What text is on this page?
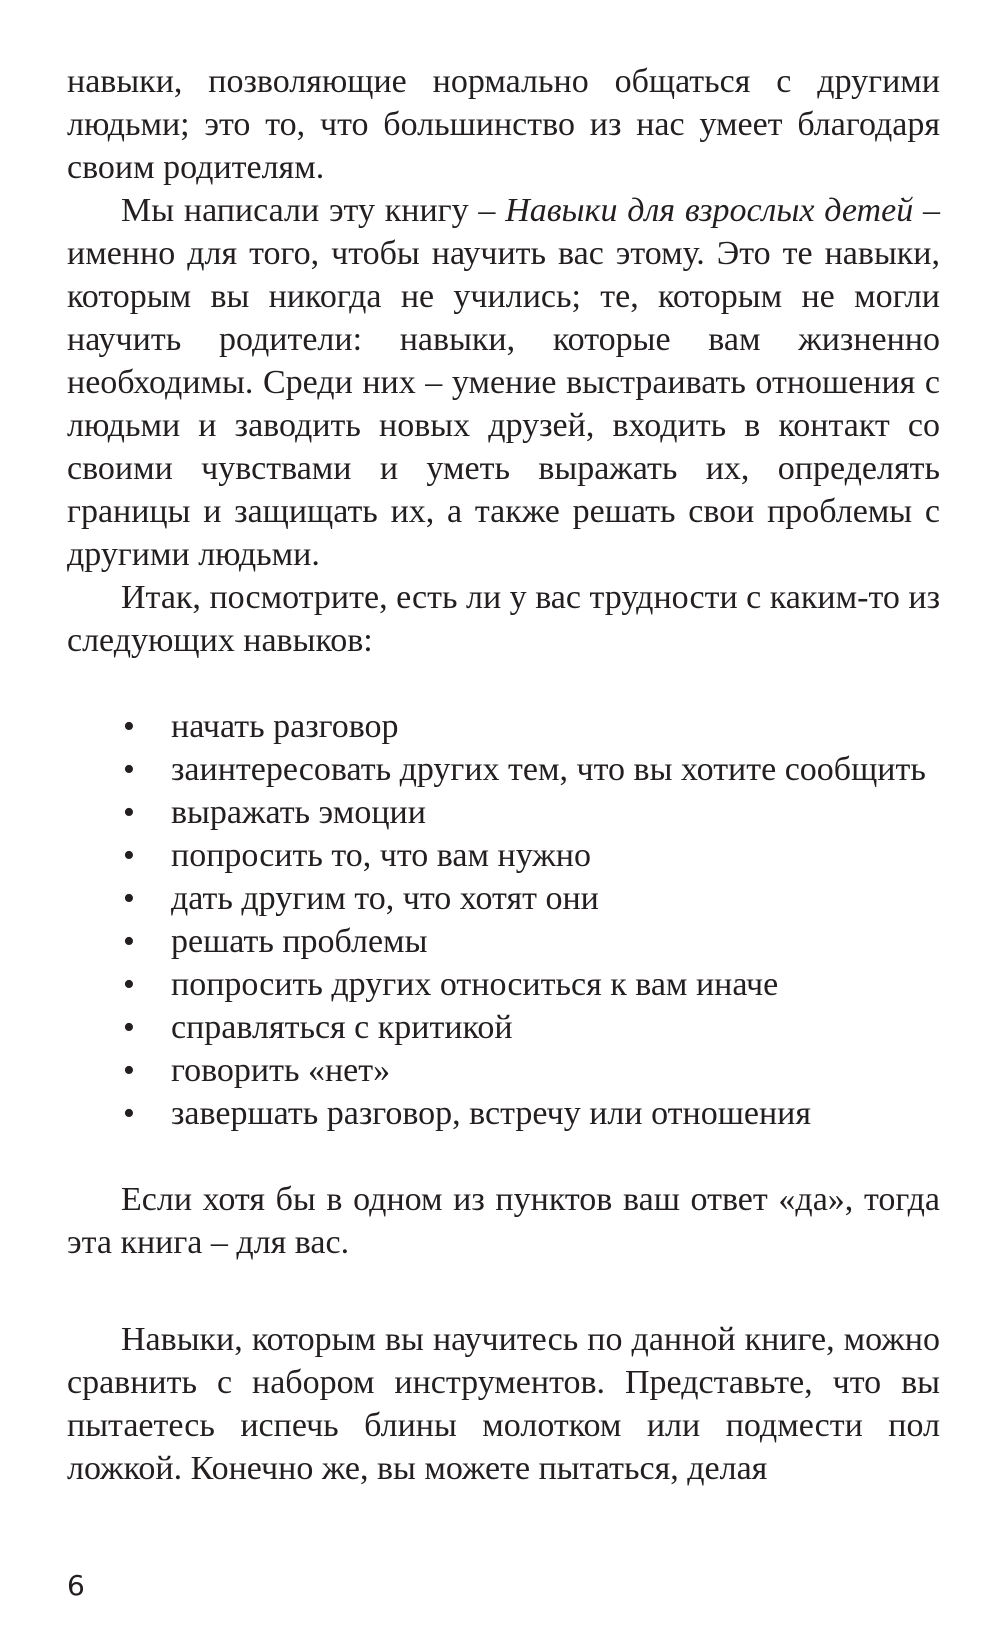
навыки, позволяющие нормально общаться с другими людьми; это то, что большинство из нас умеет благодаря своим родителям.

Мы написали эту книгу – Навыки для взрослых детей – именно для того, чтобы научить вас этому. Это те навыки, которым вы никогда не учились; те, которым не могли научить родители: навыки, которые вам жизненно необходимы. Среди них – умение выстраивать отношения с людьми и заводить новых друзей, входить в контакт со своими чувствами и уметь выражать их, определять границы и защищать их, а также решать свои проблемы с другими людьми.

Итак, посмотрите, есть ли у вас трудности с каким-то из следующих навыков:

• начать разговор
• заинтересовать других тем, что вы хотите сообщить
• выражать эмоции
• попросить то, что вам нужно
• дать другим то, что хотят они
• решать проблемы
• попросить других относиться к вам иначе
• справляться с критикой
• говорить «нет»
• завершать разговор, встречу или отношения

Если хотя бы в одном из пунктов ваш ответ «да», тогда эта книга – для вас.

Навыки, которым вы научитесь по данной книге, можно сравнить с набором инструментов. Представьте, что вы пытаетесь испечь блины молотком или подмести пол ложкой. Конечно же, вы можете пытаться, делая

6
